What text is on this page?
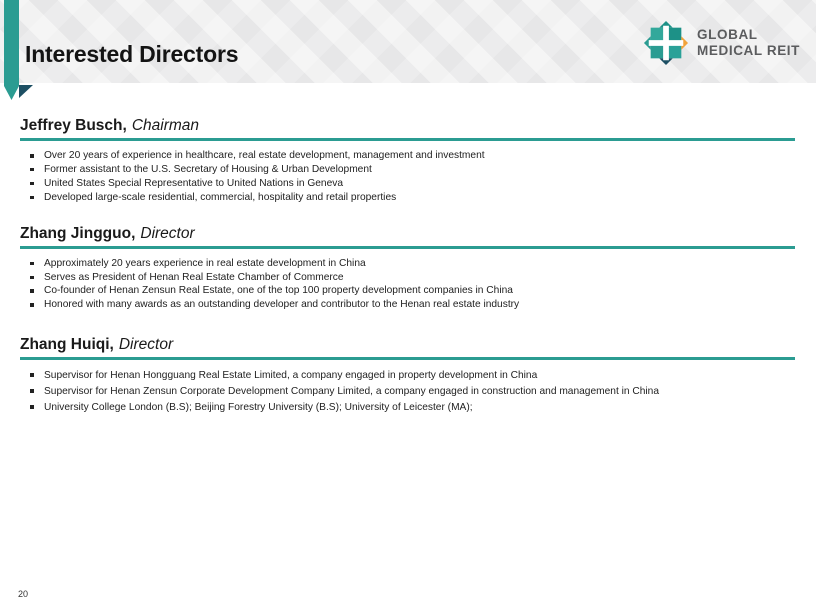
Interested Directors
GLOBAL
MEDICAL REIT
Jeffrey Busch, Chairman
Over 20 years of experience in healthcare, real estate development, management and investment
Former assistant to the U.S. Secretary of Housing & Urban Development
United States Special Representative to United Nations in Geneva
Developed large-scale residential, commercial, hospitality and retail properties
Zhang Jingguo, Director
Approximately 20 years experience in real estate development in China
Serves as President of Henan Real Estate Chamber of Commerce
Co-founder of Henan Zensun Real Estate, one of the top 100 property development companies in China
Honored with many awards as an outstanding developer and contributor to the Henan real estate industry
Zhang Huiqi, Director
Supervisor for Henan Hongguang Real Estate Limited, a company engaged in property development in China
Supervisor for Henan Zensun Corporate Development Company Limited, a company engaged in construction and management in China
University College London (B.S); Beijing Forestry University (B.S); University of Leicester (MA);
20
